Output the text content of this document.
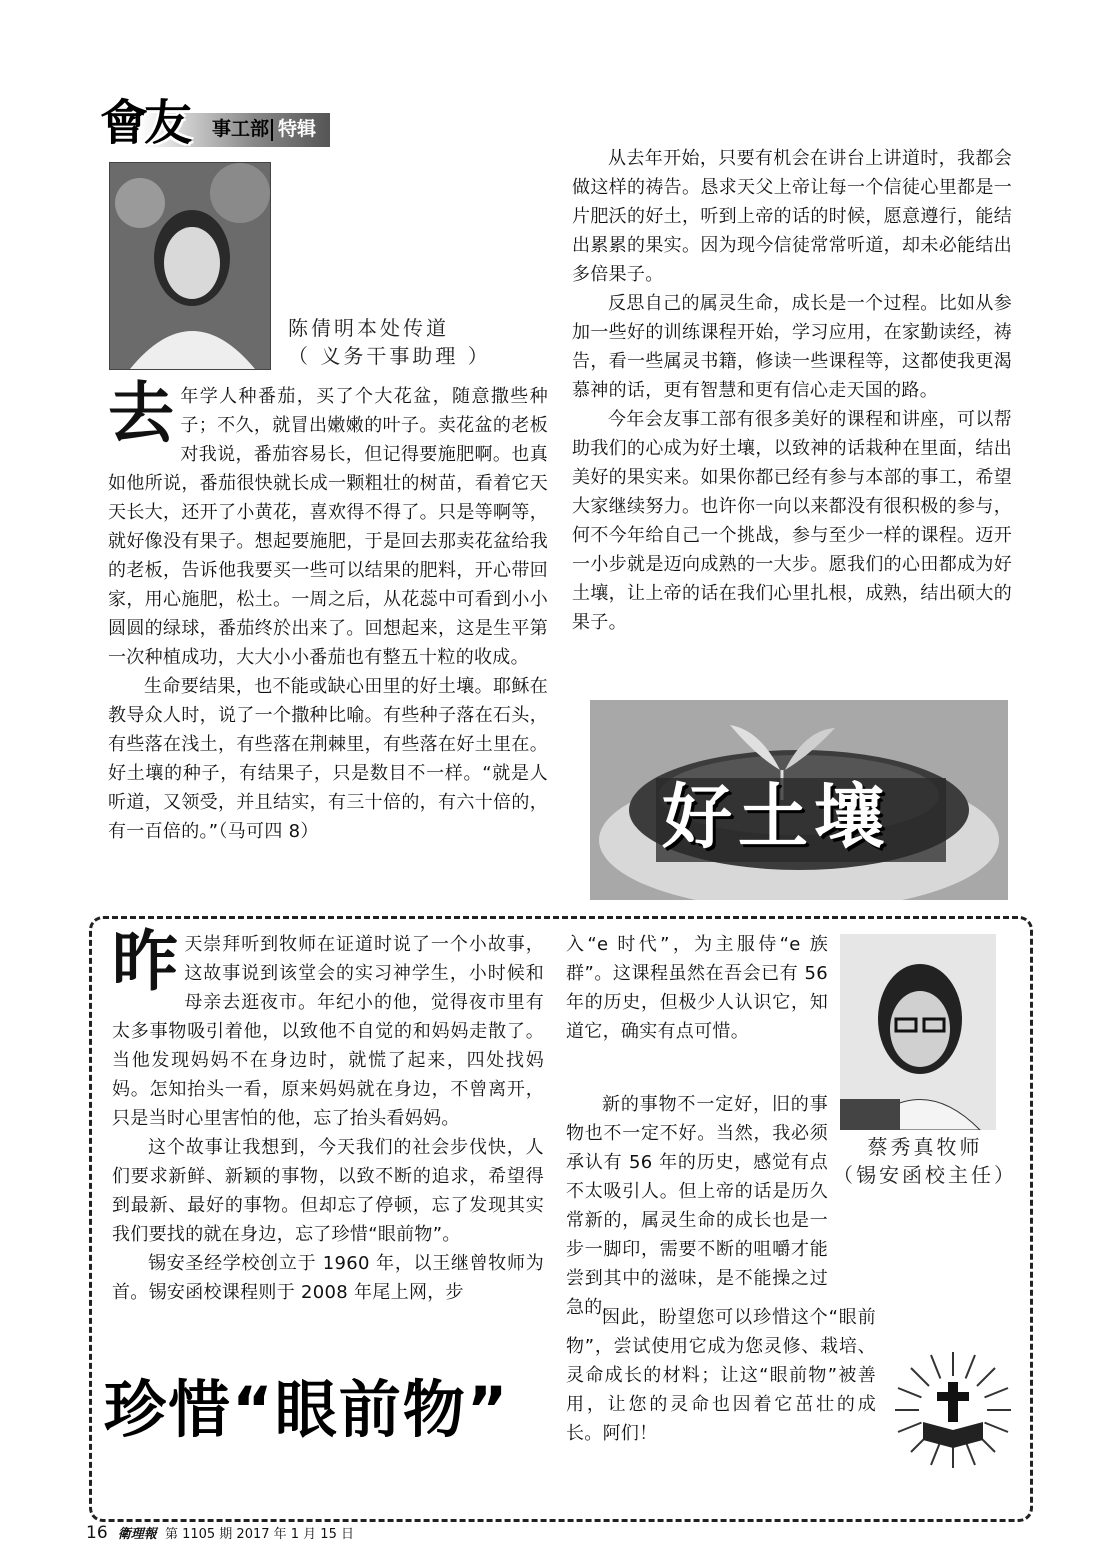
會友 事工部 特辑
陈倩明本处传道
（ 义务干事助理 ）

去年学人种番茄，买了个大花盆，随意撒些种子；不久，就冒出嫩嫩的叶子。卖花盆的老板对我说，番茄容易长，但记得要施肥啊。也真如他所说，番茄很快就长成一颗粗壮的树苗，看着它天天长大，还开了小黄花，喜欢得不得了。只是等啊等，就好像没有果子。想起要施肥，于是回去那卖花盆给我的老板，告诉他我要买一些可以结果的肥料，开心带回家，用心施肥，松土。一周之后，从花蕊中可看到小小圆圆的绿球，番茄终於出来了。回想起来，这是生平第一次种植成功，大大小小番茄也有整五十粒的收成。

生命要结果，也不能或缺心田里的好土壤。耶稣在教导众人时，说了一个撒种比喻。有些种子落在石头，有些落在浅土，有些落在荆棘里，有些落在好土里在。好土壤的种子，有结果子，只是数目不一样。“就是人听道，又领受，并且结实，有三十倍的，有六十倍的，有一百倍的。”（马可四 8）

从去年开始，只要有机会在讲台上讲道时，我都会做这样的祷告。恳求天父上帝让每一个信徒心里都是一片肥沃的好土，听到上帝的话的时候，愿意遵行，能结出累累的果实。因为现今信徒常常听道，却未必能结出多倍果子。

反思自己的属灵生命，成长是一个过程。比如从参加一些好的训练课程开始，学习应用，在家勤读经，祷告，看一些属灵书籍，修读一些课程等，这都使我更渴慕神的话，更有智慧和更有信心走天国的路。

今年会友事工部有很多美好的课程和讲座，可以帮助我们的心成为好土壤，以致神的话栽种在里面，结出美好的果实来。如果你都已经有参与本部的事工，希望大家继续努力。也许你一向以来都没有很积极的参与，何不今年给自己一个挑战，参与至少一样的课程。迈开一小步就是迈向成熟的一大步。愿我们的心田都成为好土壤，让上帝的话在我们心里扎根，成熟，结出硕大的果子。

好土壤

昨天崇拜听到牧师在证道时说了一个小故事，这故事说到该堂会的实习神学生，小时候和母亲去逛夜市。年纪小的他，觉得夜市里有太多事物吸引着他，以致他不自觉的和妈妈走散了。当他发现妈妈不在身边时，就慌了起来，四处找妈妈。怎知抬头一看，原来妈妈就在身边，不曾离开，只是当时心里害怕的他，忘了抬头看妈妈。

这个故事让我想到，今天我们的社会步伐快，人们要求新鲜、新颖的事物，以致不断的追求，希望得到最新、最好的事物。但却忘了停顿，忘了发现其实我们要找的就在身边，忘了珍惜“眼前物”。

锡安圣经学校创立于 1960 年，以王继曾牧师为首。锡安函校课程则于 2008 年尾上网，步

珍惜“眼前物”
蔡秀真牧师
（锡安函校主任）

入“e 时代”，为主服侍“e 族群”。这课程虽然在吾会已有 56 年的历史，但极少人认识它，知道它，确实有点可惜。

新的事物不一定好，旧的事物也不一定不好。当然，我必须承认有 56 年的历史，感觉有点不太吸引人。但上帝的话是历久常新的，属灵生命的成长也是一步一脚印，需要不断的咀嚼才能尝到其中的滋味，是不能操之过急的。

因此，盼望您可以珍惜这个“眼前物”，尝试使用它成为您灵修、栽培、灵命成长的材料；让这“眼前物”被善用，让您的灵命也因着它茁壮的成长。阿们！

16 衛理報 第 1105 期 2017 年 1 月 15 日
